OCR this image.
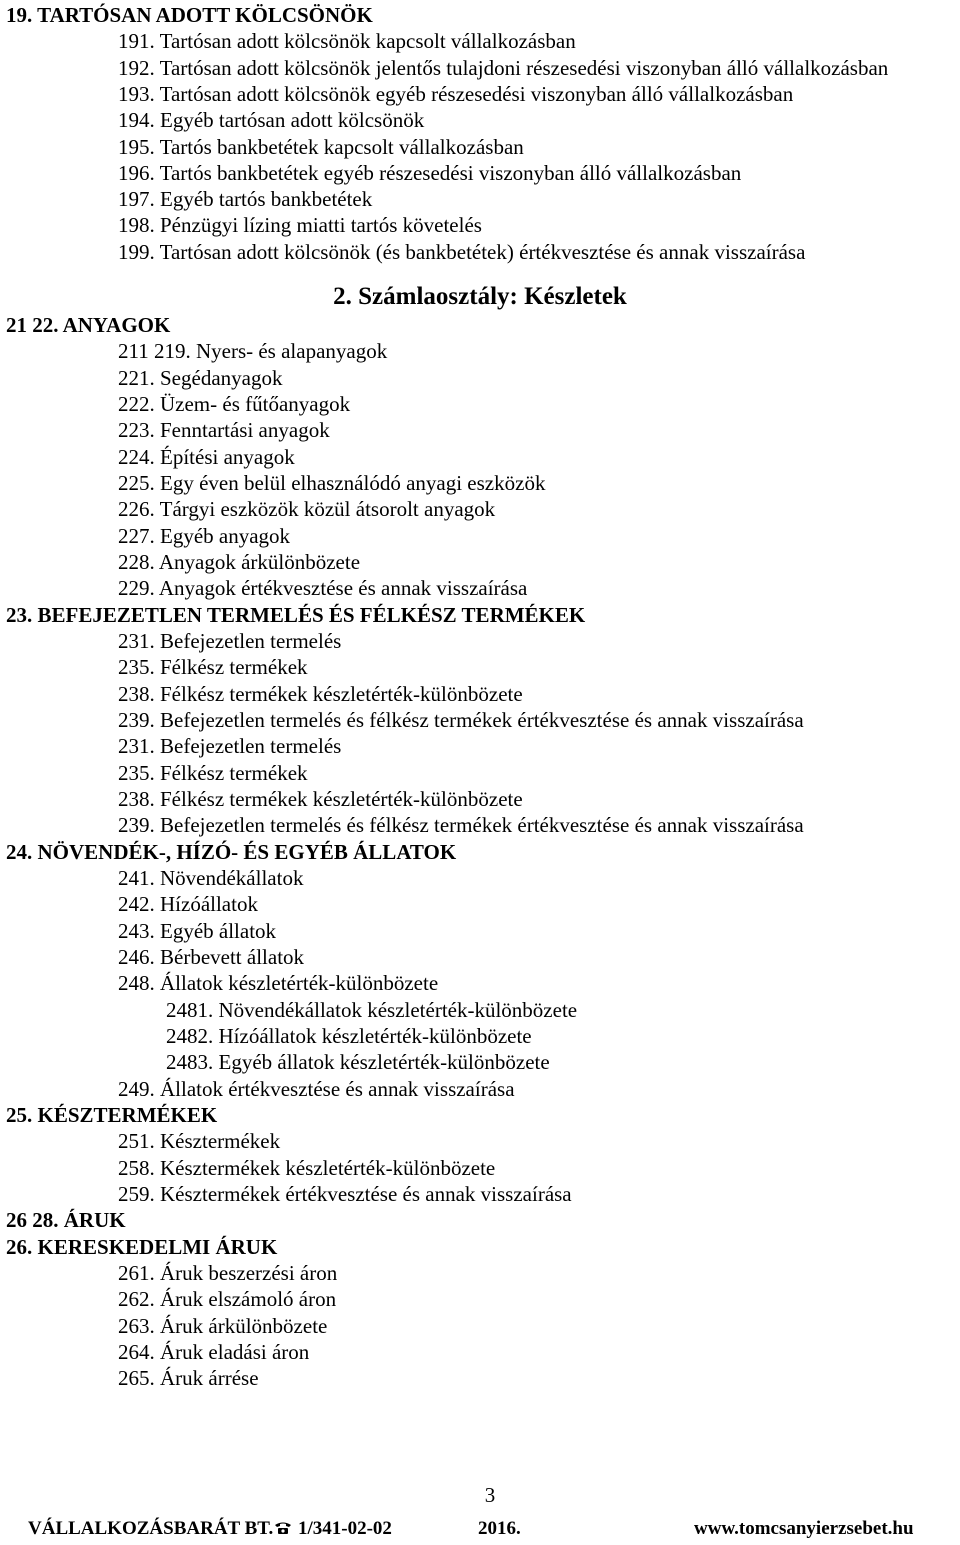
19. TARTÓSAN ADOTT KÖLCSÖNÖK
191. Tartósan adott kölcsönök kapcsolt vállalkozásban
192. Tartósan adott kölcsönök jelentős tulajdoni részesedési viszonyban álló vállalkozásban
193. Tartósan adott kölcsönök egyéb részesedési viszonyban álló vállalkozásban
194. Egyéb tartósan adott kölcsönök
195. Tartós bankbetétek kapcsolt vállalkozásban
196. Tartós bankbetétek egyéb részesedési viszonyban álló vállalkozásban
197. Egyéb tartós bankbetétek
198. Pénzügyi lízing miatti tartós követelés
199. Tartósan adott kölcsönök (és bankbetétek) értékvesztése és annak visszaírása
2. Számlaosztály: Készletek
21 22. ANYAGOK
211 219. Nyers- és alapanyagok
221. Segédanyagok
222. Üzem- és fűtőanyagok
223. Fenntartási anyagok
224. Építési anyagok
225. Egy éven belül elhasználódó anyagi eszközök
226. Tárgyi eszközök közül átsorolt anyagok
227. Egyéb anyagok
228. Anyagok árkülönbözete
229. Anyagok értékvesztése és annak visszaírása
23. BEFEJEZETLEN TERMELÉS ÉS FÉLKÉSZ TERMÉKEK
231. Befejezetlen termelés
235. Félkész termékek
238. Félkész termékek készletérték-különbözete
239. Befejezetlen termelés és félkész termékek értékvesztése és annak visszaírása
231. Befejezetlen termelés
235. Félkész termékek
238. Félkész termékek készletérték-különbözete
239. Befejezetlen termelés és félkész termékek értékvesztése és annak visszaírása
24. NÖVENDÉK-, HÍZÓ- ÉS EGYÉB ÁLLATOK
241. Növendékállatok
242. Hízóállatok
243. Egyéb állatok
246. Bérbevett állatok
248. Állatok készletérték-különbözete
2481. Növendékállatok készletérték-különbözete
2482. Hízóállatok készletérték-különbözete
2483. Egyéb állatok készletérték-különbözete
249. Állatok értékvesztése és annak visszaírása
25. KÉSZTERMÉKEK
251. Késztermékek
258. Késztermékek készletérték-különbözete
259. Késztermékek értékvesztése és annak visszaírása
26 28. ÁRUK
26. KERESKEDELMI ÁRUK
261. Áruk beszerzési áron
262. Áruk elszámoló áron
263. Áruk árkülönbözete
264. Áruk eladási áron
265. Áruk árrése
3
VÁLLALKOZÁSBARÁT BT.	1/341-02-02	2016.	www.tomcsanyierzsebet.hu
